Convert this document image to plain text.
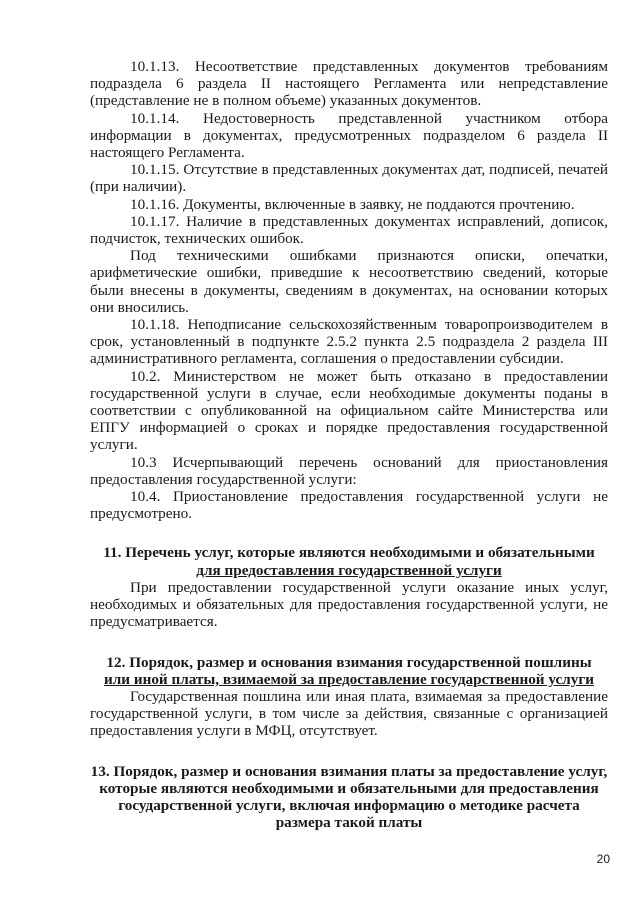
10.1.13. Несоответствие представленных документов требованиям подраздела 6 раздела II настоящего Регламента или непредставление (представление не в полном объеме) указанных документов.

10.1.14. Недостоверность представленной участником отбора информации в документах, предусмотренных подразделом 6 раздела II настоящего Регламента.

10.1.15. Отсутствие в представленных документах дат, подписей, печатей (при наличии).

10.1.16. Документы, включенные в заявку, не поддаются прочтению.

10.1.17. Наличие в представленных документах исправлений, дописок, подчисток, технических ошибок.

Под техническими ошибками признаются описки, опечатки, арифметические ошибки, приведшие к несоответствию сведений, которые были внесены в документы, сведениям в документах, на основании которых они вносились.

10.1.18. Неподписание сельскохозяйственным товаропроизводителем в срок, установленный в подпункте 2.5.2 пункта 2.5 подраздела 2 раздела III административного регламента, соглашения о предоставлении субсидии.

10.2. Министерством не может быть отказано в предоставлении государственной услуги в случае, если необходимые документы поданы в соответствии с опубликованной на официальном сайте Министерства или ЕПГУ информацией о сроках и порядке предоставления государственной услуги.

10.3 Исчерпывающий перечень оснований для приостановления предоставления государственной услуги:

10.4. Приостановление предоставления государственной услуги не предусмотрено.

11. Перечень услуг, которые являются необходимыми и обязательными
для предоставления государственной услуги

При предоставлении государственной услуги оказание иных услуг, необходимых и обязательных для предоставления государственной услуги, не предусматривается.

12. Порядок, размер и основания взимания государственной пошлины
или иной платы, взимаемой за предоставление государственной услуги

Государственная пошлина или иная плата, взимаемая за предоставление государственной услуги, в том числе за действия, связанные с организацией предоставления услуги в МФЦ, отсутствует.

13. Порядок, размер и основания взимания платы за предоставление услуг,
которые являются необходимыми и обязательными для предоставления
государственной услуги, включая информацию о методике расчета
размера такой платы

20
